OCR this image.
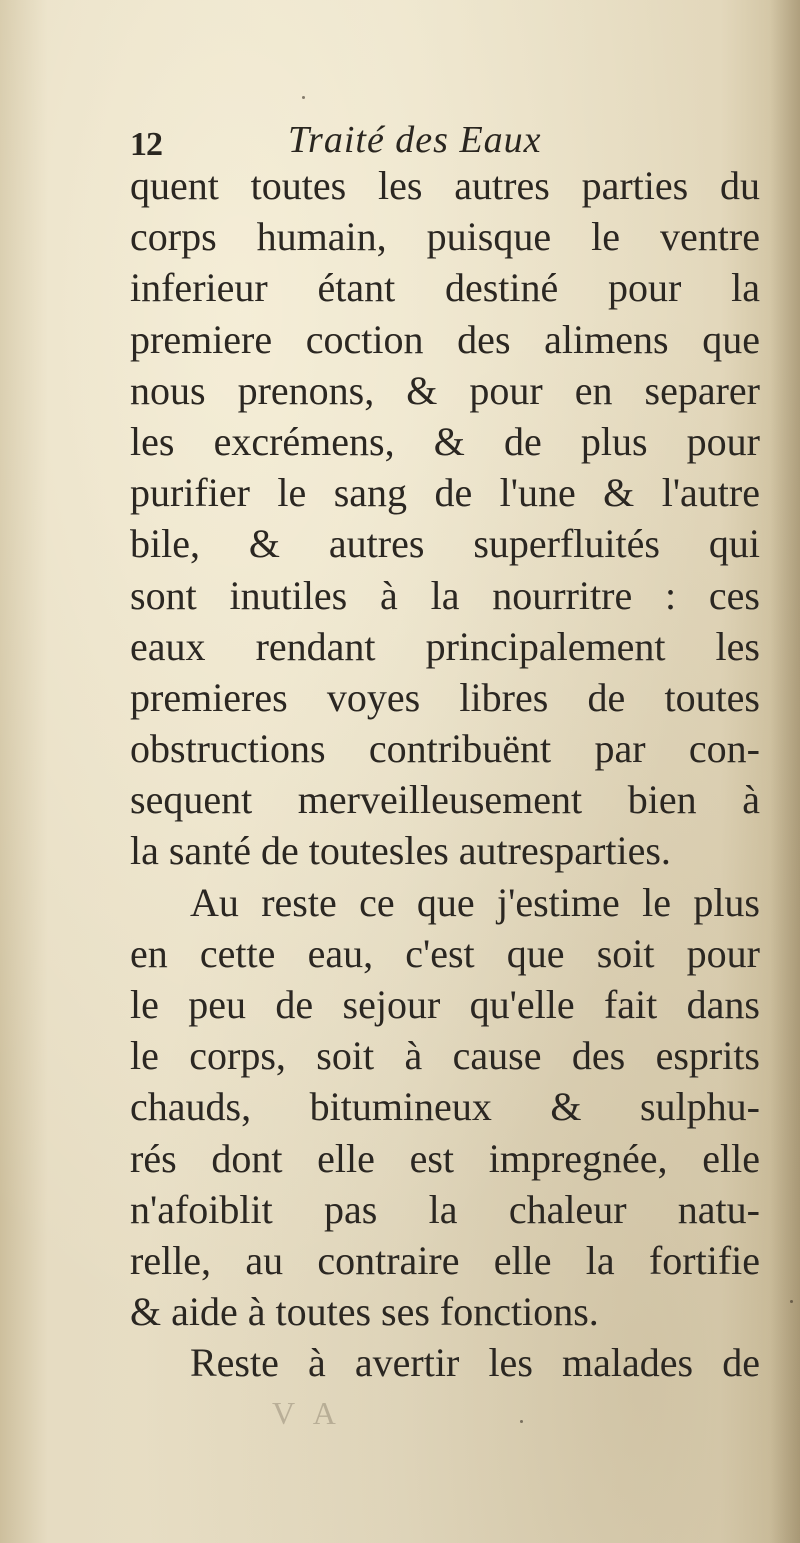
12	Traité des Eaux
quent toutes les autres parties du
corps humain, puisque le ventre
inferieur étant destiné pour la
premiere coction des alimens que
nous prenons, & pour en separer
les excrémens, & de plus pour
purifier le sang de l'une & l'autre
bile, & autres superfluités qui
sont inutiles à la nourritre : ces
eaux rendant principalement les
premieres voyes libres de toutes
obstructions contribuënt par con-
sequent merveilleusement bien à
la santé de toutesles autresparties.
Au reste ce que j'estime le plus
en cette eau, c'est que soit pour
le peu de sejour qu'elle fait dans
le corps, soit à cause des esprits
chauds, bitumineux & sulphu-
rés dont elle est impregnée, elle
n'afoiblit pas la chaleur natu-
relle, au contraire elle la fortifie
& aide à toutes ses fonctions.
Reste à avertir les malades de
V A
